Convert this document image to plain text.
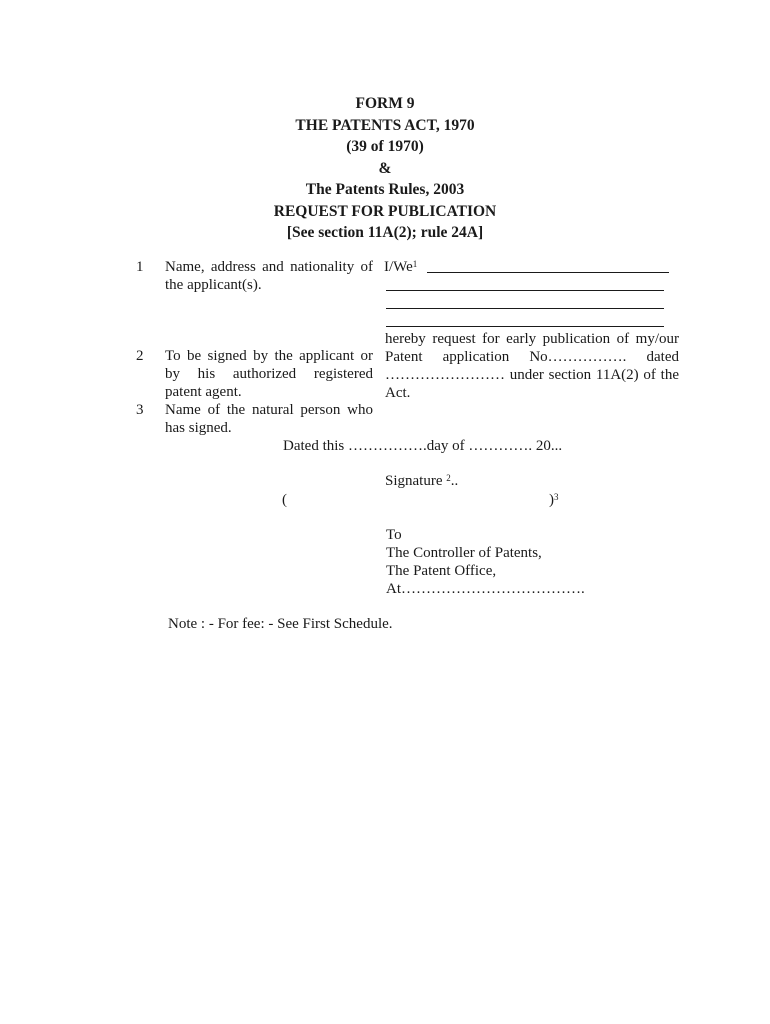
FORM 9
THE PATENTS ACT, 1970
(39 of 1970)
&
The Patents Rules, 2003
REQUEST FOR PUBLICATION
[See section 11A(2); rule 24A]
1 Name, address and nationality of
the applicant(s).
2 To be signed by the applicant or
by his authorized registered
patent agent.
3 Name of the natural person who
has signed.
I/We$^1$
hereby request for early publication of my/our
Patent application No……………. dated
…………………… under section 11A(2) of the
Act.
Dated this …………….day of …………. 20...
Signature $^2$..
(	)$^3$
To
The Controller of Patents,
The Patent Office,
At……………………………….
Note : - For fee: - See First Schedule.
